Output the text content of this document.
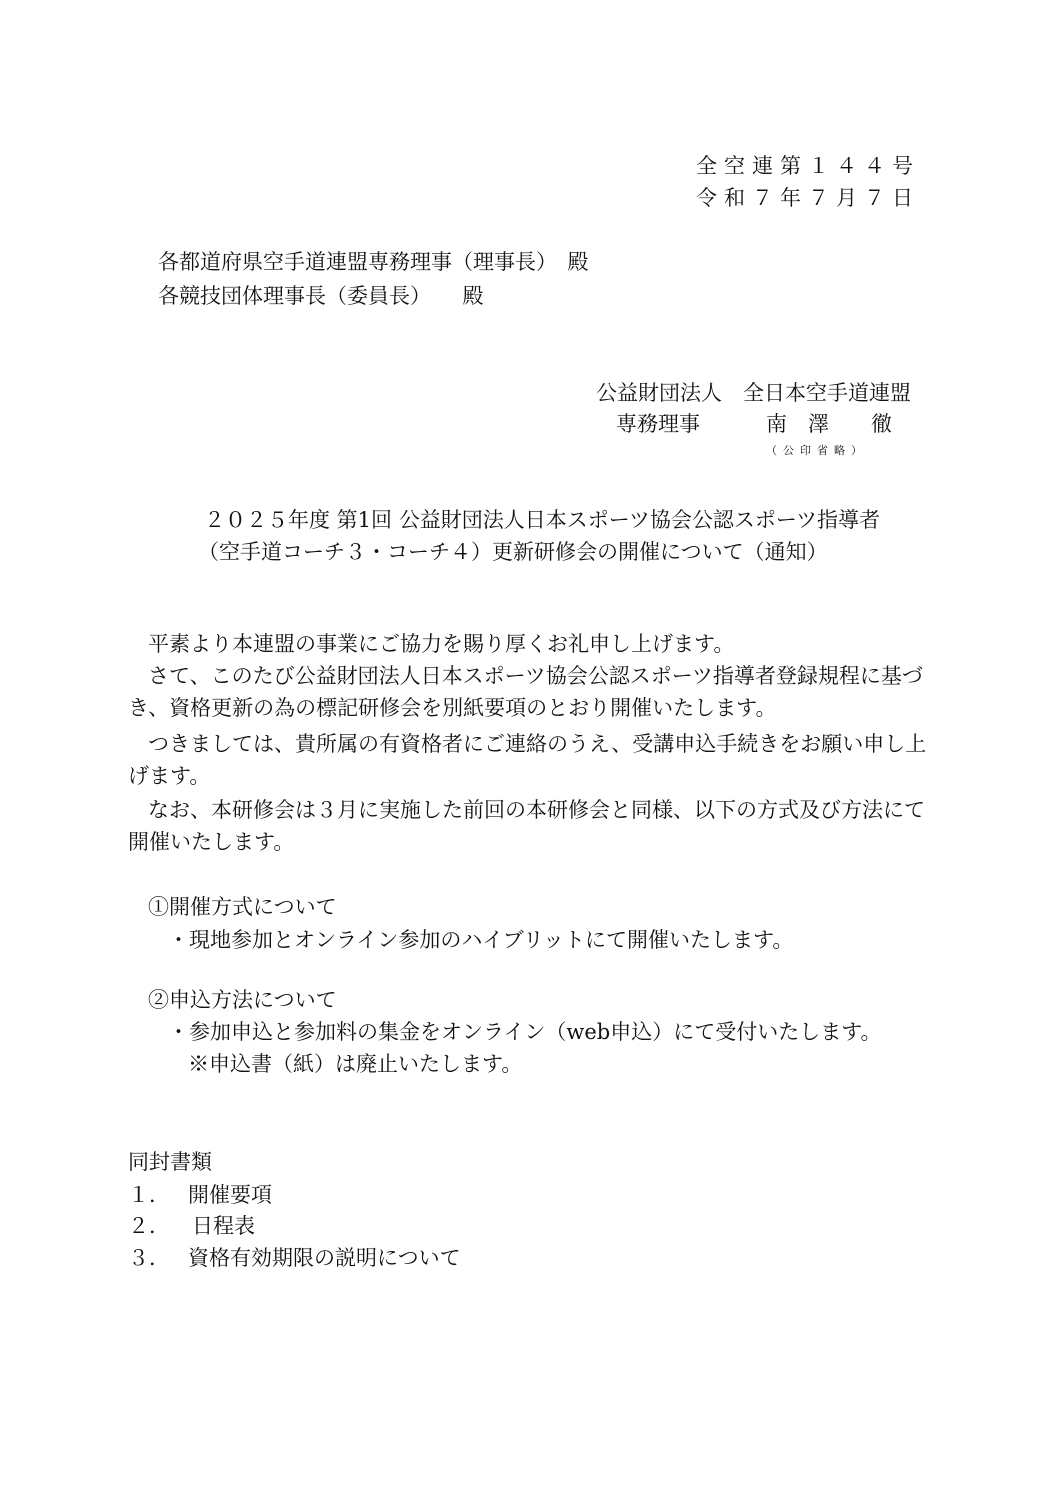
全空連第１４４号
令和７年７月７日
各都道府県空手道連盟専務理事（理事長）　殿
各競技団体理事長（委員長）　　殿
公益財団法人　全日本空手道連盟
専務理事	南　澤　　徹
（公印省略）
２０２５年度 第1回 公益財団法人日本スポーツ協会公認スポーツ指導者
（空手道コーチ３・コーチ４）更新研修会の開催について（通知）
平素より本連盟の事業にご協力を賜り厚くお礼申し上げます。
さて、このたび公益財団法人日本スポーツ協会公認スポーツ指導者登録規程に基づ
き、資格更新の為の標記研修会を別紙要項のとおり開催いたします。
つきましては、貴所属の有資格者にご連絡のうえ、受講申込手続きをお願い申し上
げます。
なお、本研修会は３月に実施した前回の本研修会と同様、以下の方式及び方法にて
開催いたします。
①開催方式について
・現地参加とオンライン参加のハイブリットにて開催いたします。
②申込方法について
・参加申込と参加料の集金をオンライン（web申込）にて受付いたします。
※申込書（紙）は廃止いたします。
同封書類
１． 開催要項
２． 日程表
３． 資格有効期限の説明について
